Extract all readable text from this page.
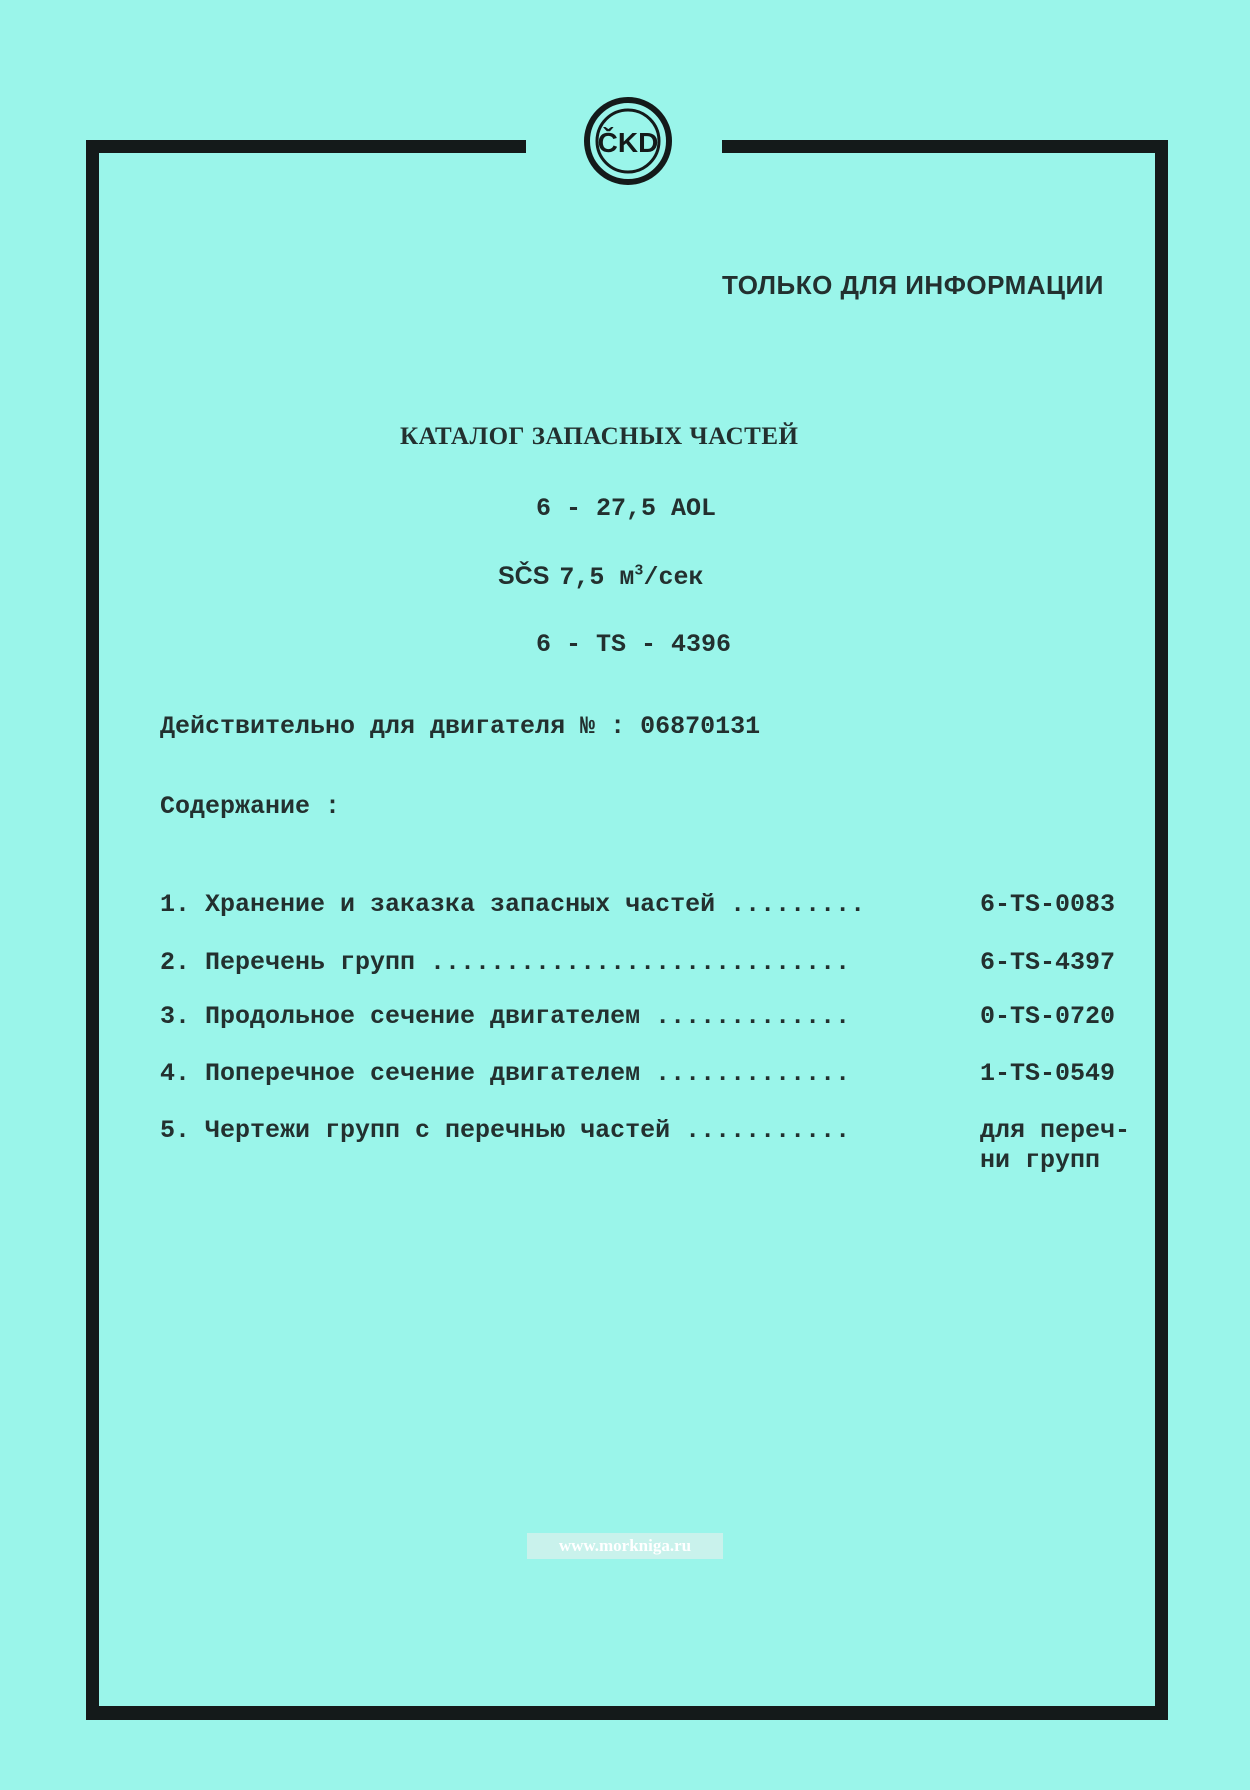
ČKD
ТОЛЬКО ДЛЯ ИНФОРМАЦИИ
КАТАЛОГ ЗАПАСНЫХ ЧАСТЕЙ
6 - 27,5 AOL
SČS 7,5 $м^3$/сек
6 - TS - 4396
Действительно для двигателя № : 06870131
Содержание :
1. Хранение и заказка запасных частей .........	6-TS-0083
2. Перечень групп ............................	6-TS-4397
3. Продольное сечение двигателем .............	0-TS-0720
4. Поперечное сечение двигателем .............	1-TS-0549
5. Чертежи групп с перечнью частей ...........	для переч-
ни групп
www.morkniga.ru
